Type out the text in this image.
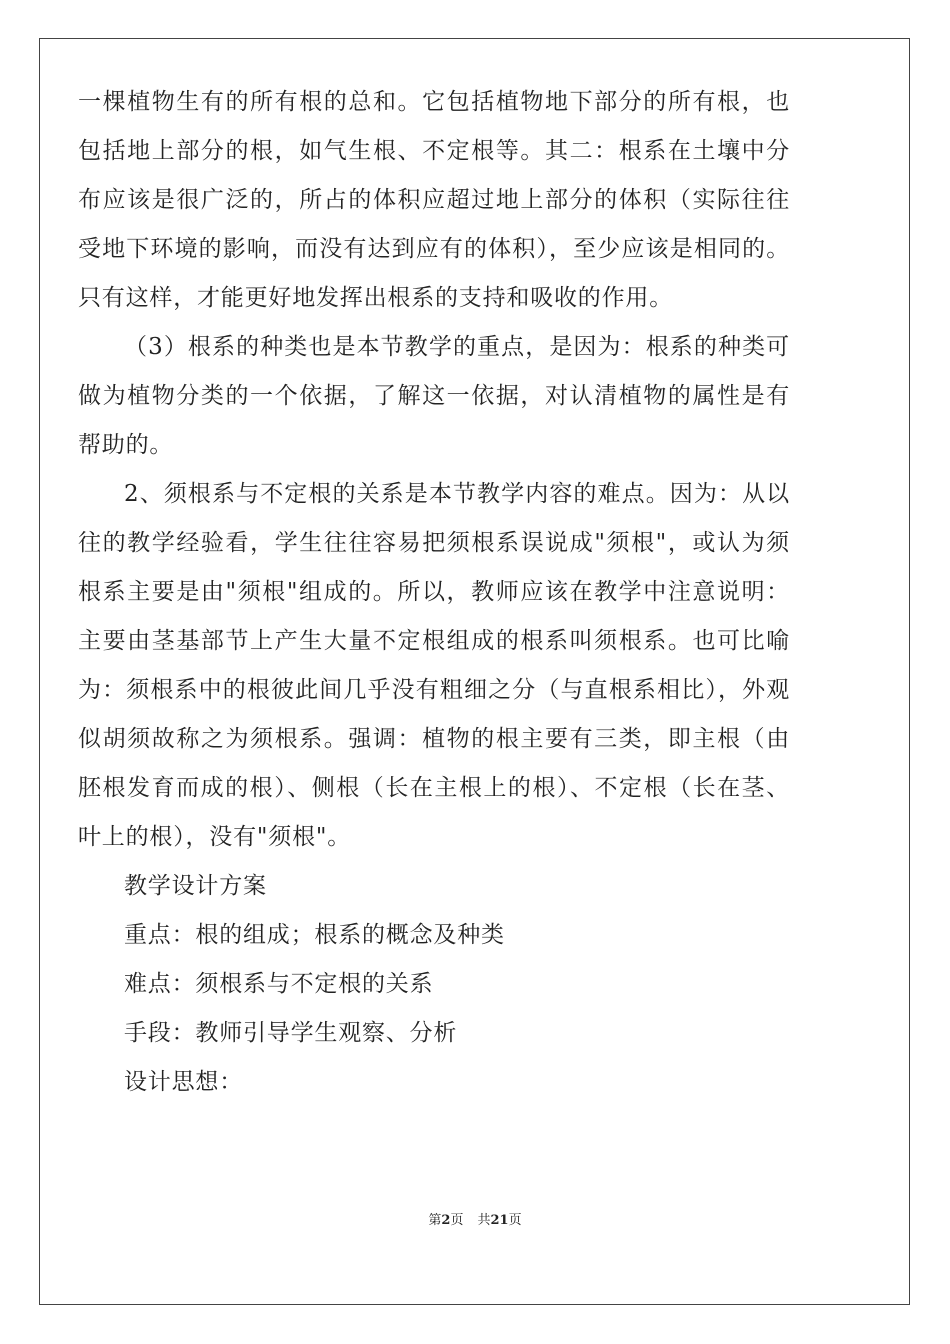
一棵植物生有的所有根的总和。它包括植物地下部分的所有根，也包括地上部分的根，如气生根、不定根等。其二：根系在土壤中分布应该是很广泛的，所占的体积应超过地上部分的体积（实际往往受地下环境的影响，而没有达到应有的体积），至少应该是相同的。只有这样，才能更好地发挥出根系的支持和吸收的作用。

（3）根系的种类也是本节教学的重点，是因为：根系的种类可做为植物分类的一个依据，了解这一依据，对认清植物的属性是有帮助的。

2、须根系与不定根的关系是本节教学内容的难点。因为：从以往的教学经验看，学生往往容易把须根系误说成"须根"，或认为须根系主要是由"须根"组成的。所以，教师应该在教学中注意说明：主要由茎基部节上产生大量不定根组成的根系叫须根系。也可比喻为：须根系中的根彼此间几乎没有粗细之分（与直根系相比），外观似胡须故称之为须根系。强调：植物的根主要有三类，即主根（由胚根发育而成的根）、侧根（长在主根上的根）、不定根（长在茎、叶上的根），没有"须根"。

教学设计方案

重点：根的组成；根系的概念及种类

难点：须根系与不定根的关系

手段：教师引导学生观察、分析

设计思想：

第2页 共21页
